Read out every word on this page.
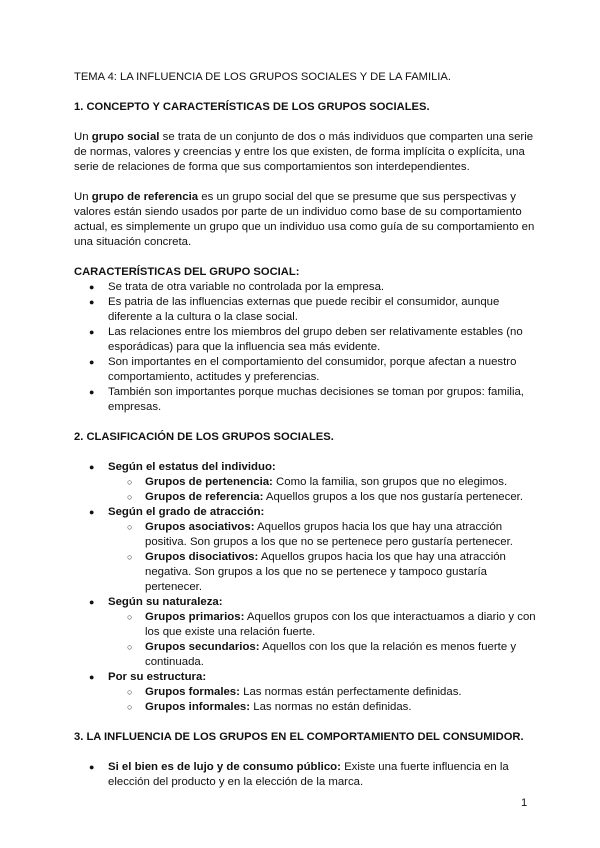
TEMA 4: LA INFLUENCIA DE LOS GRUPOS SOCIALES Y DE LA FAMILIA.

1. CONCEPTO Y CARACTERÍSTICAS DE LOS GRUPOS SOCIALES.

Un grupo social se trata de un conjunto de dos o más individuos que comparten una serie de normas, valores y creencias y entre los que existen, de forma implícita o explícita, una serie de relaciones de forma que sus comportamientos son interdependientes.

Un grupo de referencia es un grupo social del que se presume que sus perspectivas y valores están siendo usados por parte de un individuo como base de su comportamiento actual, es simplemente un grupo que un individuo usa como guía de su comportamiento en una situación concreta.

CARACTERÍSTICAS DEL GRUPO SOCIAL:

● Se trata de otra variable no controlada por la empresa.
● Es patria de las influencias externas que puede recibir el consumidor, aunque diferente a la cultura o la clase social.
● Las relaciones entre los miembros del grupo deben ser relativamente estables (no esporádicas) para que la influencia sea más evidente.
● Son importantes en el comportamiento del consumidor, porque afectan a nuestro comportamiento, actitudes y preferencias.
● También son importantes porque muchas decisiones se toman por grupos: familia, empresas.

2. CLASIFICACIÓN DE LOS GRUPOS SOCIALES.

● Según el estatus del individuo:
○ Grupos de pertenencia: Como la familia, son grupos que no elegimos.
○ Grupos de referencia: Aquellos grupos a los que nos gustaría pertenecer.
● Según el grado de atracción:
○ Grupos asociativos: Aquellos grupos hacia los que hay una atracción positiva. Son grupos a los que no se pertenece pero gustaría pertenecer.
○ Grupos disociativos: Aquellos grupos hacia los que hay una atracción negativa. Son grupos a los que no se pertenece y tampoco gustaría pertenecer.
● Según su naturaleza:
○ Grupos primarios: Aquellos grupos con los que interactuamos a diario y con los que existe una relación fuerte.
○ Grupos secundarios: Aquellos con los que la relación es menos fuerte y continuada.
● Por su estructura:
○ Grupos formales: Las normas están perfectamente definidas.
○ Grupos informales: Las normas no están definidas.

3. LA INFLUENCIA DE LOS GRUPOS EN EL COMPORTAMIENTO DEL CONSUMIDOR.

● Si el bien es de lujo y de consumo público: Existe una fuerte influencia en la elección del producto y en la elección de la marca.
1
